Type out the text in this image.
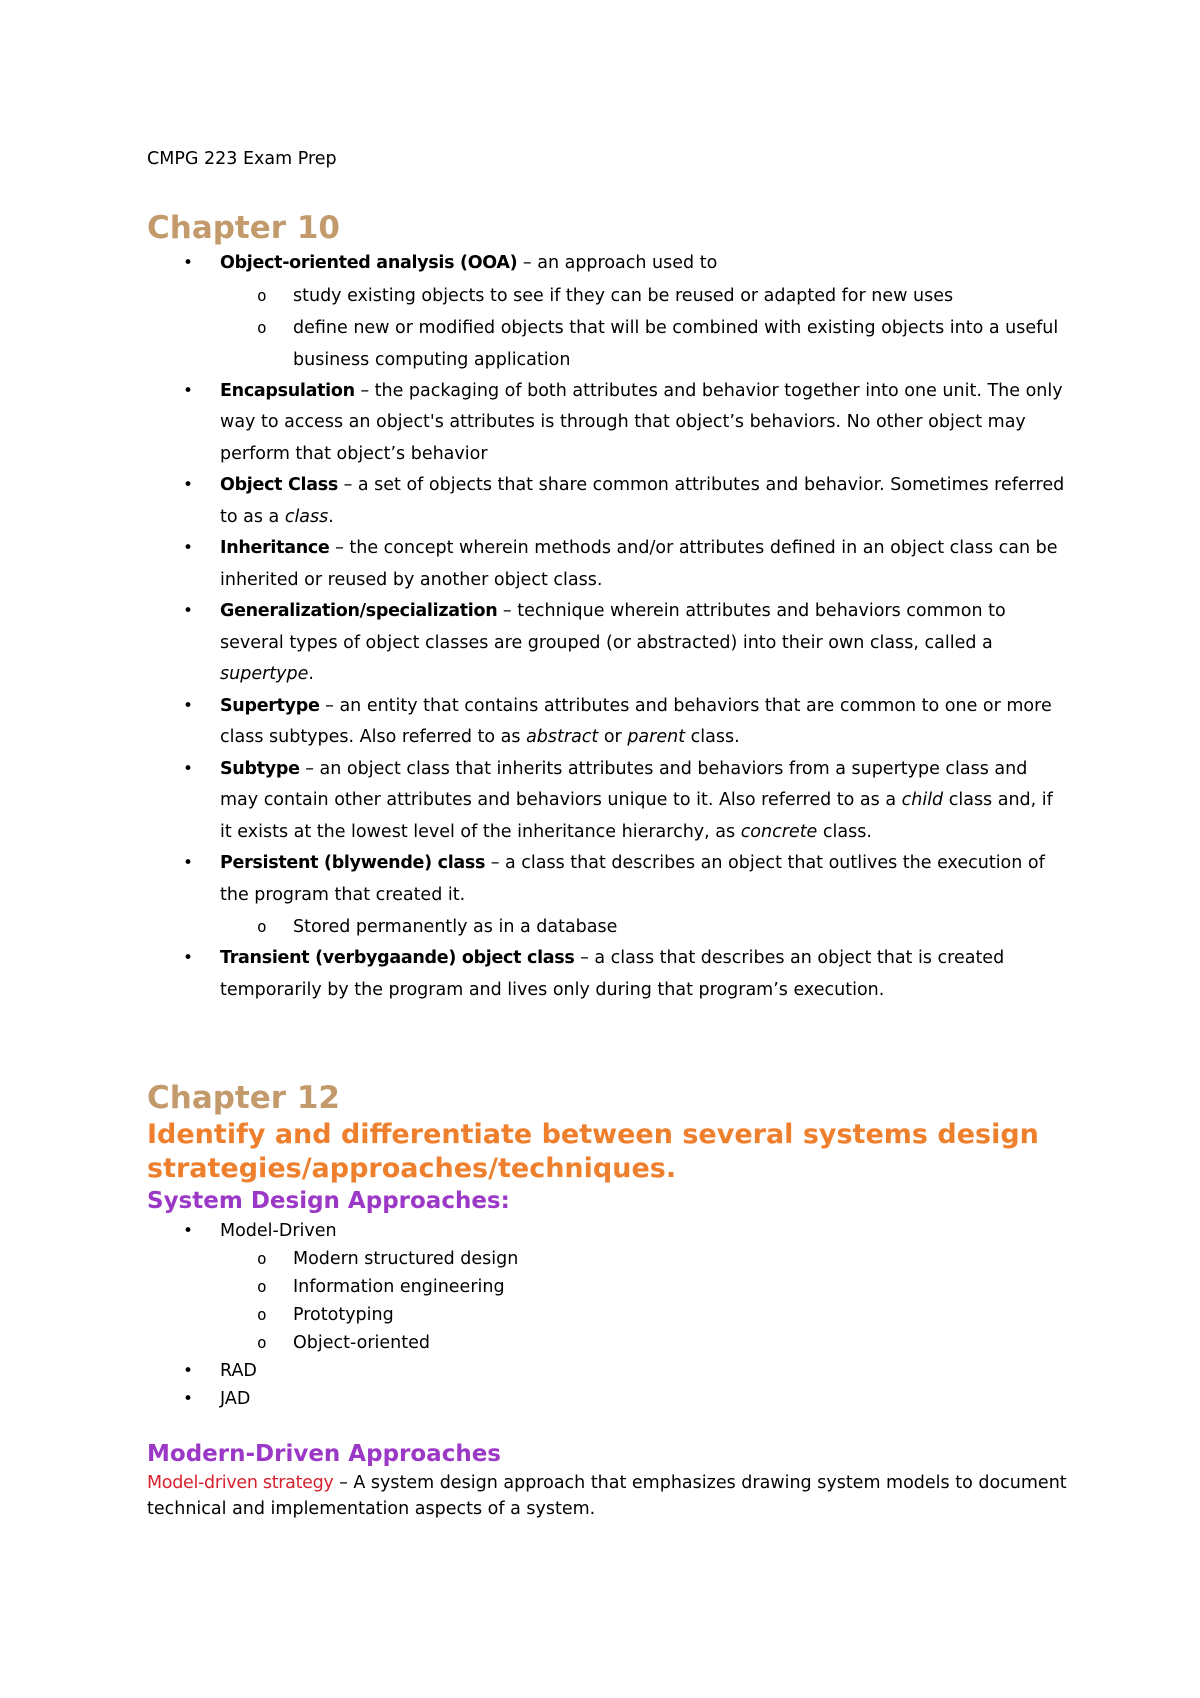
CMPG 223 Exam Prep
Chapter 10
• Object-oriented analysis (OOA) – an approach used to
o study existing objects to see if they can be reused or adapted for new uses
o define new or modified objects that will be combined with existing objects into a useful business computing application
• Encapsulation – the packaging of both attributes and behavior together into one unit. The only way to access an object's attributes is through that object’s behaviors. No other object may perform that object’s behavior
• Object Class – a set of objects that share common attributes and behavior. Sometimes referred to as a class.
• Inheritance – the concept wherein methods and/or attributes defined in an object class can be inherited or reused by another object class.
• Generalization/specialization – technique wherein attributes and behaviors common to several types of object classes are grouped (or abstracted) into their own class, called a supertype.
• Supertype – an entity that contains attributes and behaviors that are common to one or more class subtypes. Also referred to as abstract or parent class.
• Subtype – an object class that inherits attributes and behaviors from a supertype class and may contain other attributes and behaviors unique to it. Also referred to as a child class and, if it exists at the lowest level of the inheritance hierarchy, as concrete class.
• Persistent (blywende) class – a class that describes an object that outlives the execution of the program that created it.
o Stored permanently as in a database
• Transient (verbygaande) object class – a class that describes an object that is created temporarily by the program and lives only during that program’s execution.
Chapter 12
Identify and differentiate between several systems design strategies/approaches/techniques.
System Design Approaches:
• Model-Driven
o Modern structured design
o Information engineering
o Prototyping
o Object-oriented
• RAD
• JAD
Modern-Driven Approaches

Model-driven strategy – A system design approach that emphasizes drawing system models to document technical and implementation aspects of a system.
